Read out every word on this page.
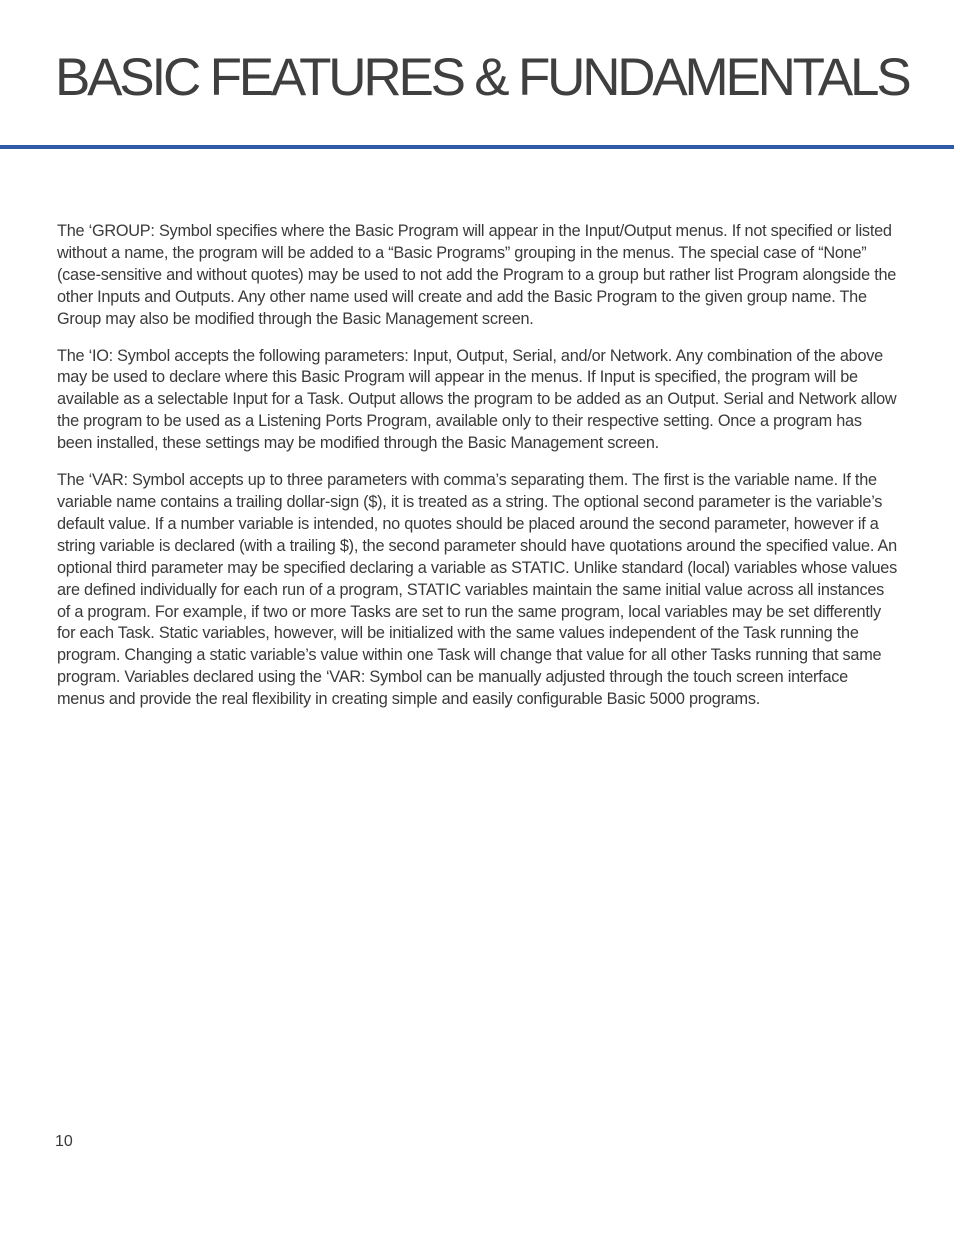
BASIC FEATURES & FUNDAMENTALS

The ‘GROUP: Symbol specifies where the Basic Program will appear in the Input/Output menus. If not specified or listed without a name, the program will be added to a “Basic Programs” grouping in the menus. The special case of “None” (case-sensitive and without quotes) may be used to not add the Program to a group but rather list Program alongside the other Inputs and Outputs. Any other name used will create and add the Basic Program to the given group name. The Group may also be modified through the Basic Management screen.

The ‘IO: Symbol accepts the following parameters: Input, Output, Serial, and/or Network. Any combination of the above may be used to declare where this Basic Program will appear in the menus. If Input is specified, the program will be available as a selectable Input for a Task. Output allows the program to be added as an Output. Serial and Network allow the program to be used as a Listening Ports Program, available only to their respective setting. Once a program has been installed, these settings may be modified through the Basic Management screen.

The ‘VAR: Symbol accepts up to three parameters with comma’s separating them. The first is the variable name. If the variable name contains a trailing dollar-sign ($), it is treated as a string. The optional second parameter is the variable’s default value. If a number variable is intended, no quotes should be placed around the second parameter, however if a string variable is declared (with a trailing $), the second parameter should have quotations around the specified value. An optional third parameter may be specified declaring a variable as STATIC. Unlike standard (local) variables whose values are defined individually for each run of a program, STATIC variables maintain the same initial value across all instances of a program. For example, if two or more Tasks are set to run the same program, local variables may be set differently for each Task. Static variables, however, will be initialized with the same values independent of the Task running the program. Changing a static variable’s value within one Task will change that value for all other Tasks running that same program. Variables declared using the ‘VAR: Symbol can be manually adjusted through the touch screen interface menus and provide the real flexibility in creating simple and easily configurable Basic 5000 programs.

10
